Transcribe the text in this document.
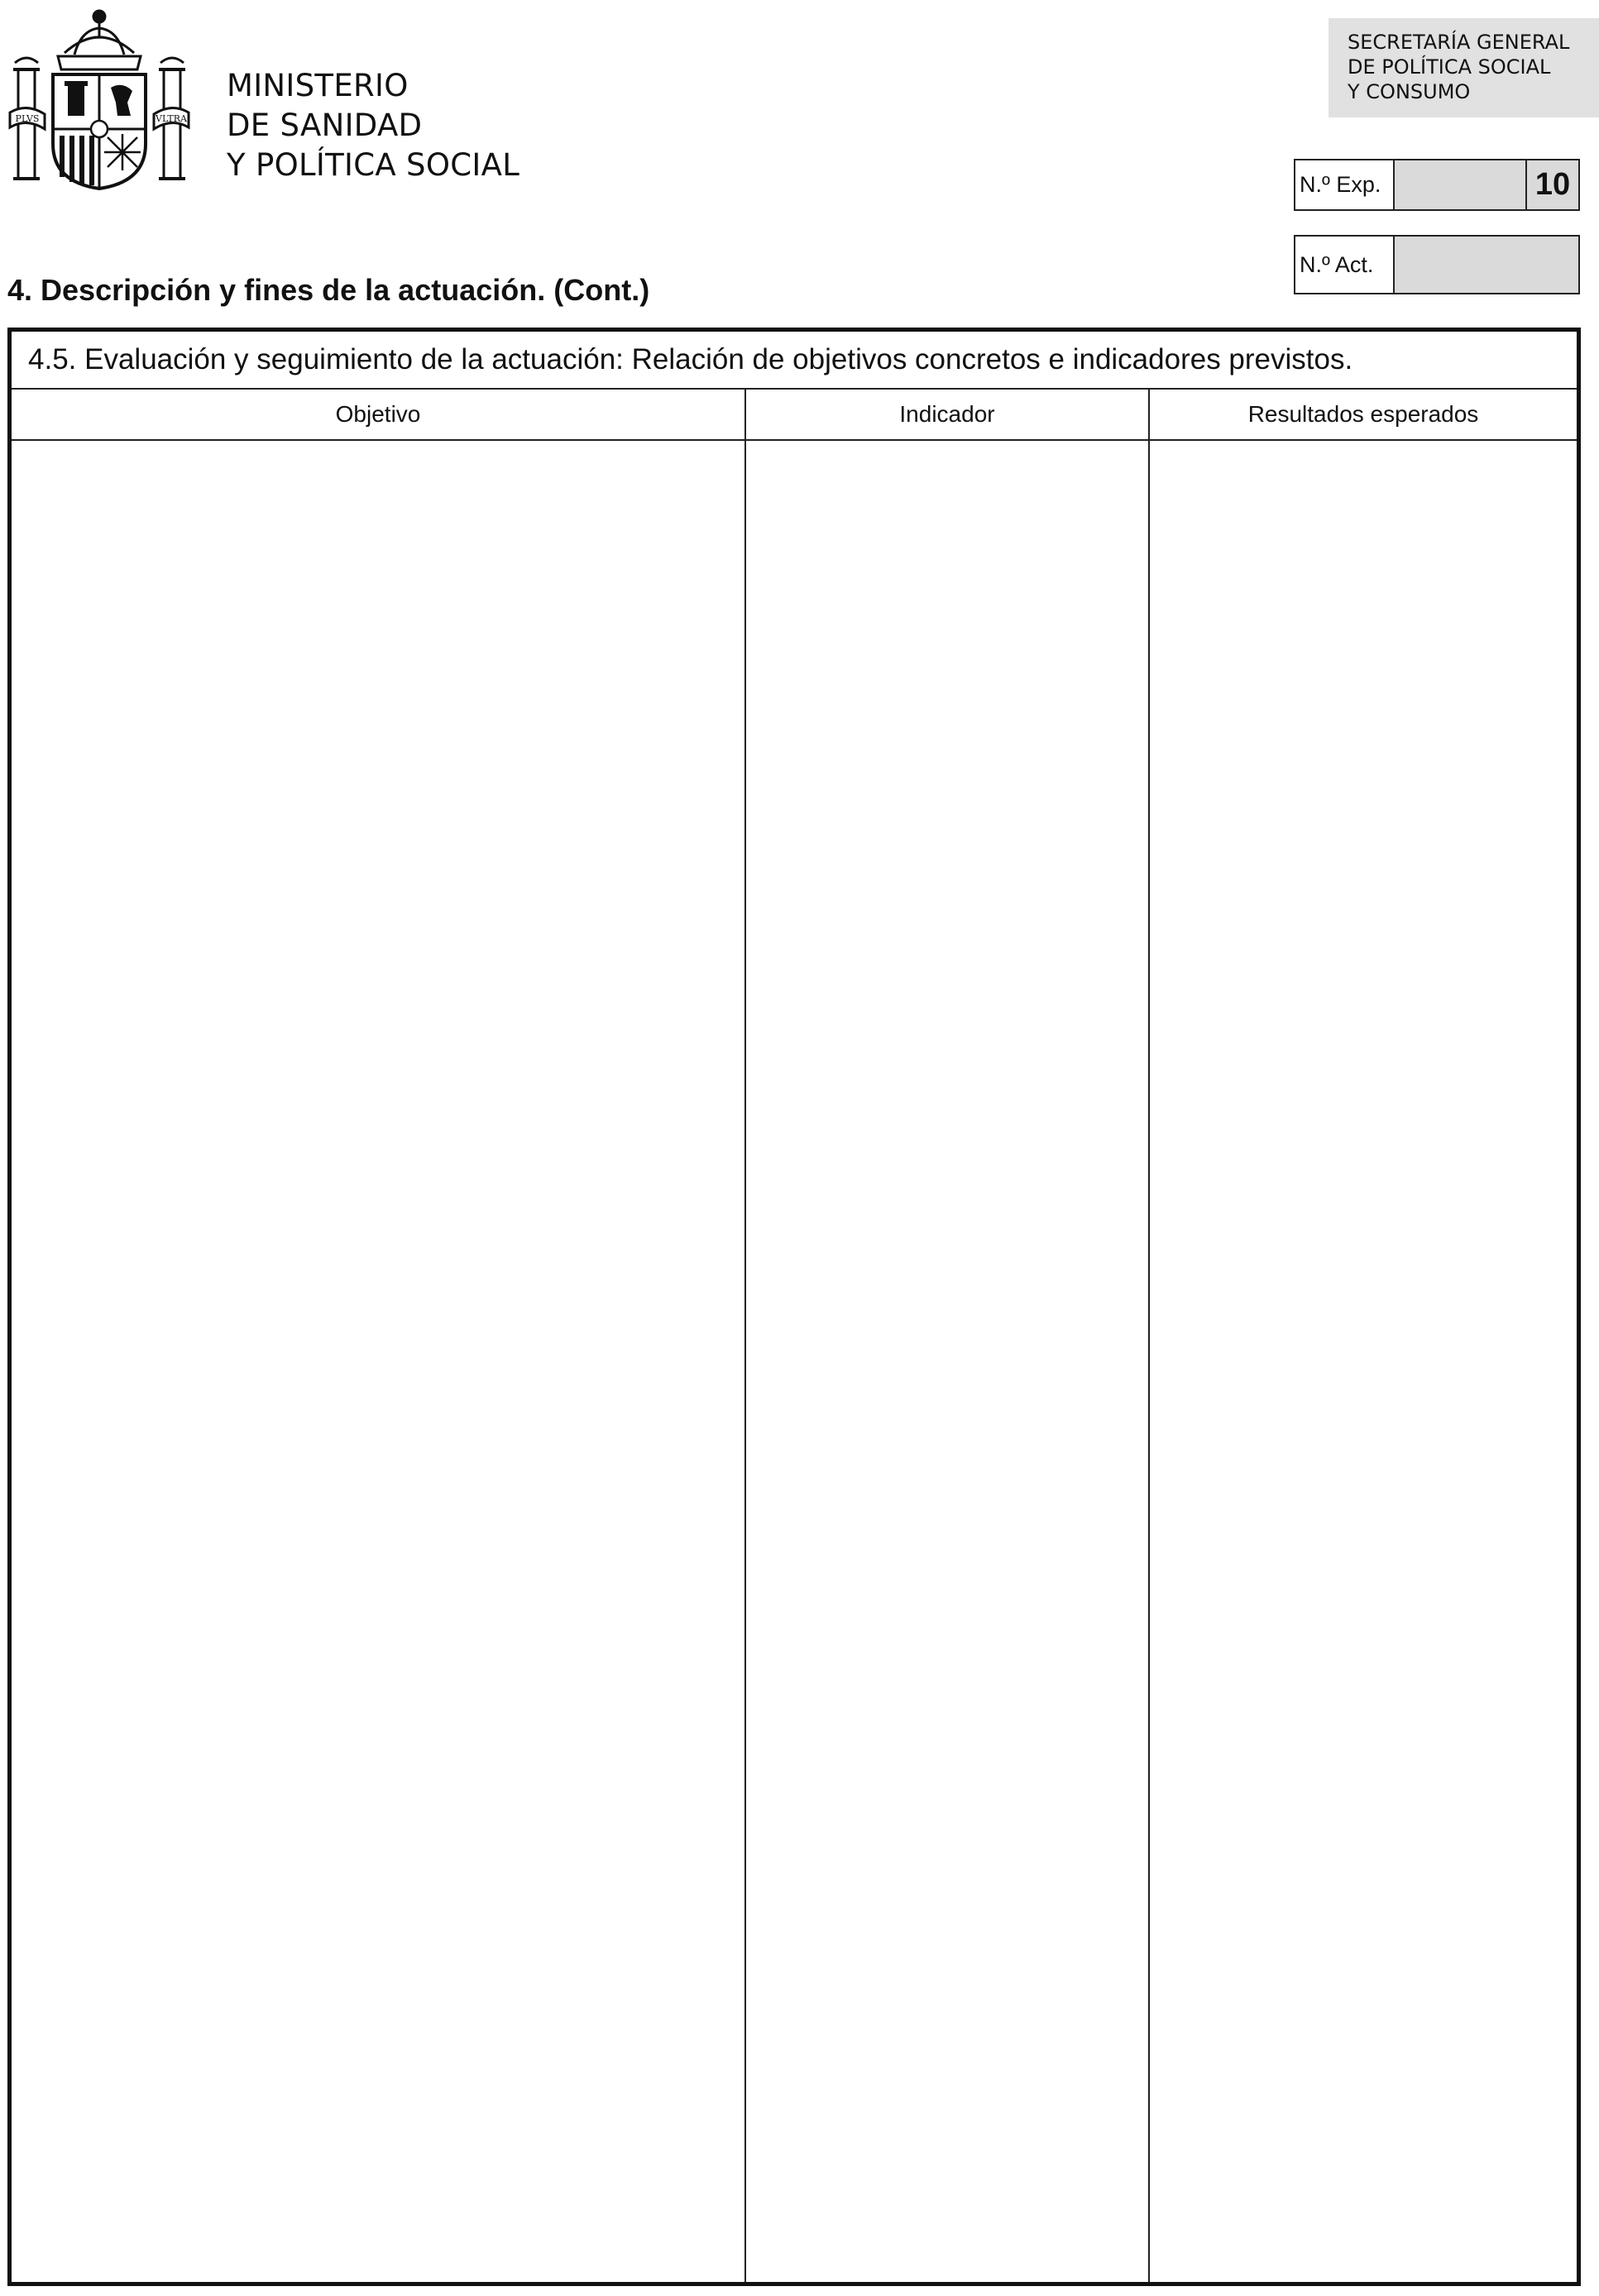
PLVS	VLTRA
MINISTERIO
DE SANIDAD
Y POLÍTICA SOCIAL
SECRETARÍA GENERAL
DE POLÍTICA SOCIAL
Y CONSUMO
N.º Exp.	10
N.º Act.
4. Descripción y fines de la actuación. (Cont.)
4.5. Evaluación y seguimiento de la actuación: Relación de objetivos concretos e indicadores previstos.
Objetivo	Indicador	Resultados esperados
